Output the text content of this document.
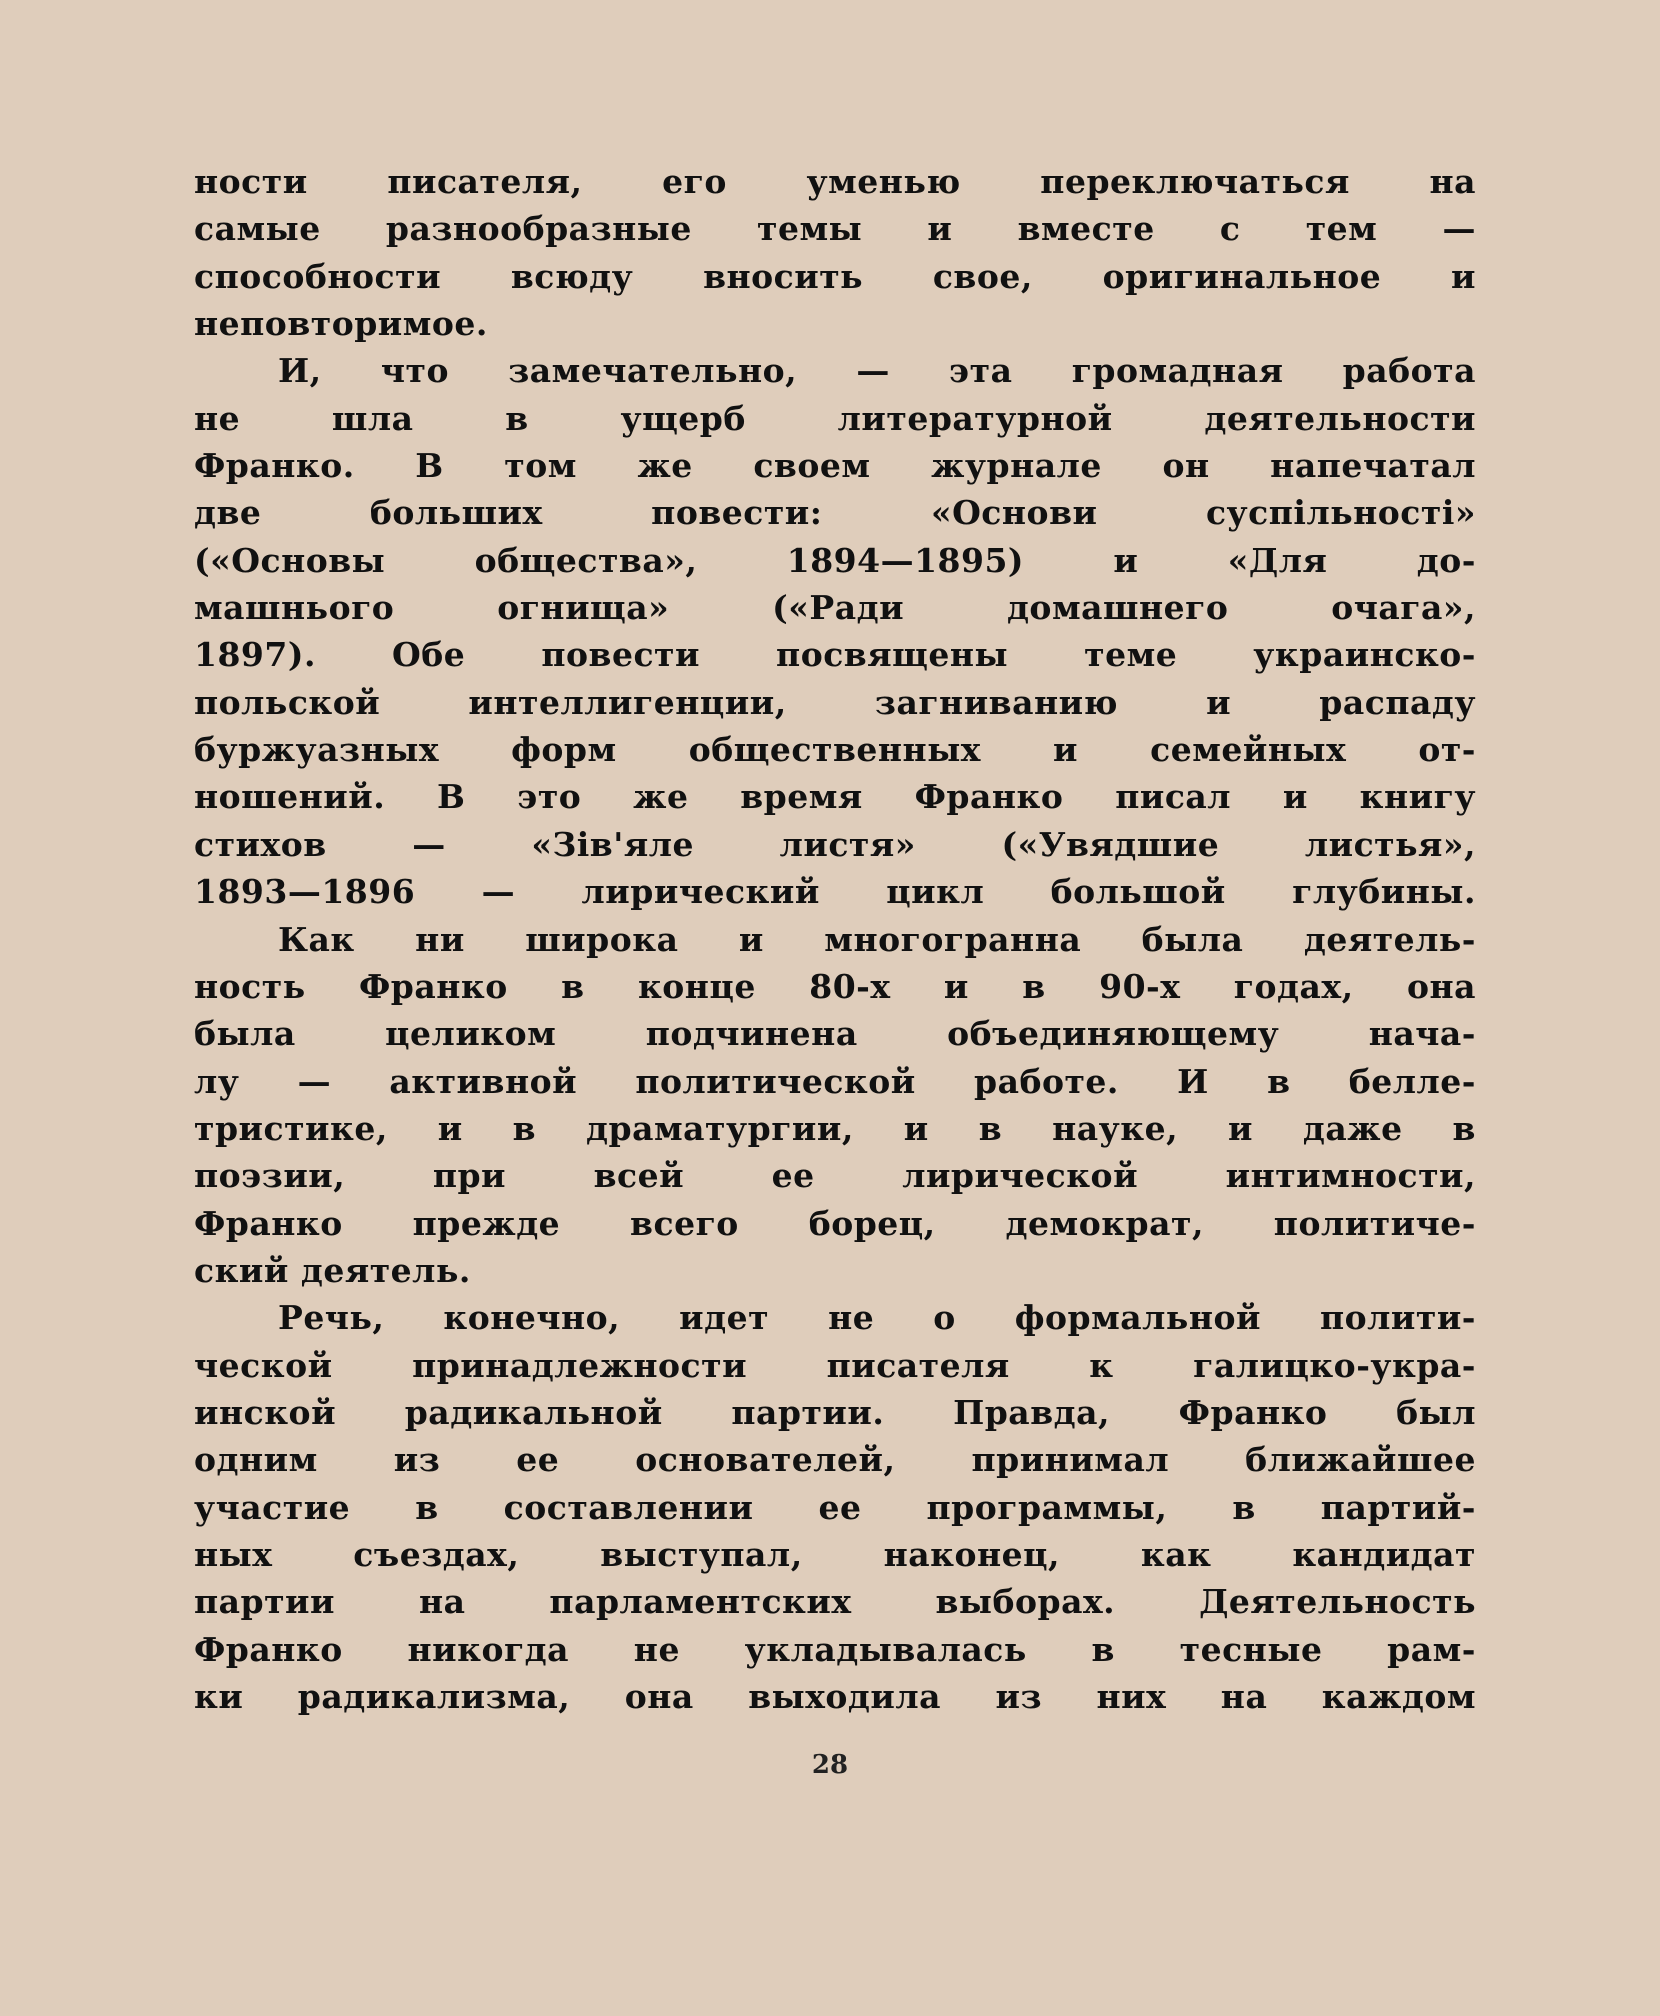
ности писателя, его уменью переключаться на
самые разнообразные темы и вместе с тем —
способности всюду вносить свое, оригинальное и
неповторимое.
И, что замечательно, — эта громадная работа
не шла в ущерб литературной деятельности
Франко. В том же своем журнале он напечатал
две больших повести: «Основи суспільності»
(«Основы общества», 1894—1895) и «Для до-
машнього огнища» («Ради домашнего очага»,
1897). Обе повести посвящены теме украинско-
польской интеллигенции, загниванию и распаду
буржуазных форм общественных и семейных от-
ношений. В это же время Франко писал и книгу
стихов — «Зів'яле листя» («Увядшие листья»,
1893—1896 — лирический цикл большой глубины.
Как ни широка и многогранна была деятель-
ность Франко в конце 80-х и в 90-х годах, она
была целиком подчинена объединяющему нача-
лу — активной политической работе. И в белле-
тристике, и в драматургии, и в науке, и даже в
поэзии, при всей ее лирической интимности,
Франко прежде всего борец, демократ, политиче-
ский деятель.
Речь, конечно, идет не о формальной полити-
ческой принадлежности писателя к галицко-укра-
инской радикальной партии. Правда, Франко был
одним из ее основателей, принимал ближайшее
участие в составлении ее программы, в партий-
ных съездах, выступал, наконец, как кандидат
партии на парламентских выборах. Деятельность
Франко никогда не укладывалась в тесные рам-
ки радикализма, она выходила из них на каждом
28
